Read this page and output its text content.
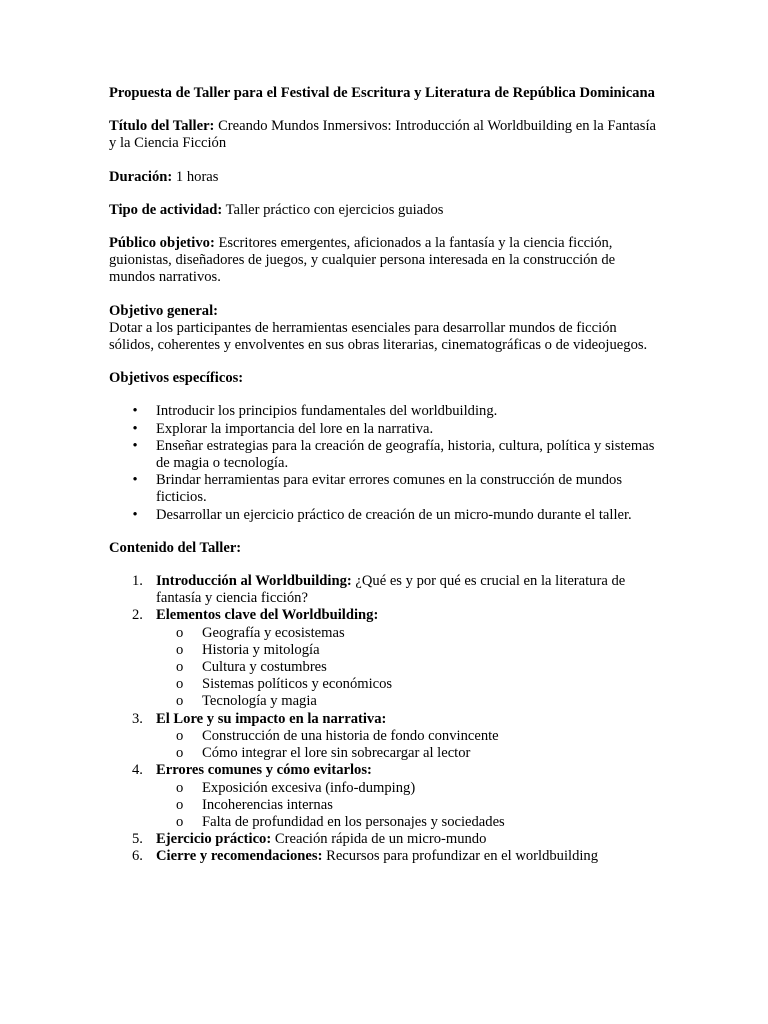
Propuesta de Taller para el Festival de Escritura y Literatura de República Dominicana

Título del Taller: Creando Mundos Inmersivos: Introducción al Worldbuilding en la Fantasía y la Ciencia Ficción

Duración: 1 horas

Tipo de actividad: Taller práctico con ejercicios guiados

Público objetivo: Escritores emergentes, aficionados a la fantasía y la ciencia ficción, guionistas, diseñadores de juegos, y cualquier persona interesada en la construcción de mundos narrativos.

Objetivo general:

Dotar a los participantes de herramientas esenciales para desarrollar mundos de ficción sólidos, coherentes y envolventes en sus obras literarias, cinematográficas o de videojuegos.

Objetivos específicos:

• Introducir los principios fundamentales del worldbuilding.
• Explorar la importancia del lore en la narrativa.
• Enseñar estrategias para la creación de geografía, historia, cultura, política y sistemas de magia o tecnología.
• Brindar herramientas para evitar errores comunes en la construcción de mundos ficticios.
• Desarrollar un ejercicio práctico de creación de un micro-mundo durante el taller.

Contenido del Taller:

1. Introducción al Worldbuilding: ¿Qué es y por qué es crucial en la literatura de fantasía y ciencia ficción?
2. Elementos clave del Worldbuilding:
o Geografía y ecosistemas
o Historia y mitología
o Cultura y costumbres
o Sistemas políticos y económicos
o Tecnología y magia
3. El Lore y su impacto en la narrativa:
o Construcción de una historia de fondo convincente
o Cómo integrar el lore sin sobrecargar al lector
4. Errores comunes y cómo evitarlos:
o Exposición excesiva (info-dumping)
o Incoherencias internas
o Falta de profundidad en los personajes y sociedades
5. Ejercicio práctico: Creación rápida de un micro-mundo
6. Cierre y recomendaciones: Recursos para profundizar en el worldbuilding
